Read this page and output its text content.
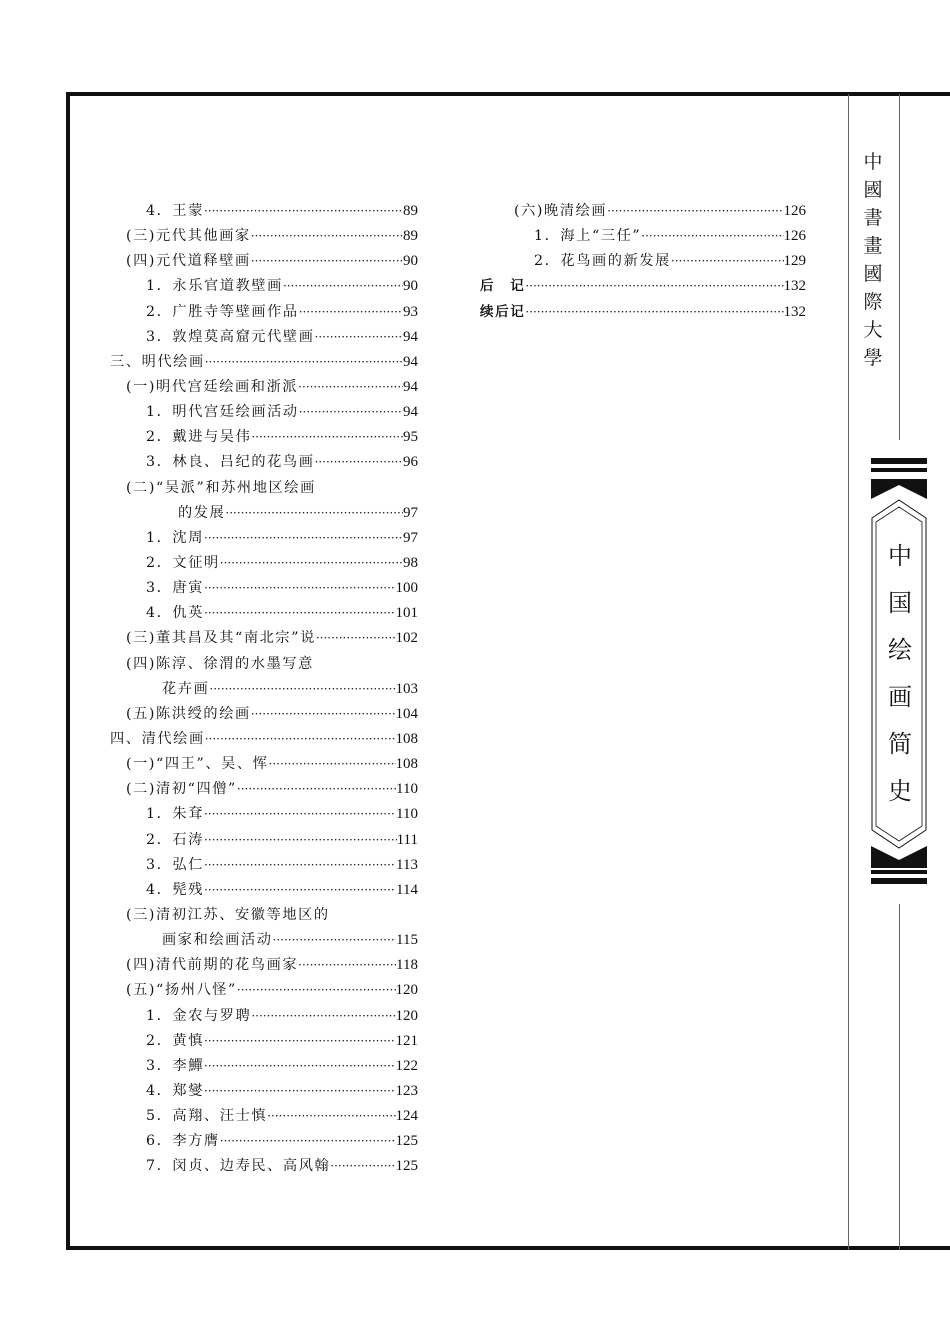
4．王蒙 ·····	89
(三)元代其他画家 ·····	89
(四)元代道释壁画 ·····	90
1．永乐官道教壁画 ·····	90
2．广胜寺等壁画作品 ·····	93
3．敦煌莫高窟元代壁画 ·····	94
三、明代绘画 ·····	94
(一)明代宫廷绘画和浙派 ·····	94
1．明代宫廷绘画活动 ·····	94
2．戴进与吴伟 ·····	95
3．林良、吕纪的花鸟画 ·····	96
(二)“吴派”和苏州地区绘画
的发展 ·····	97
1．沈周 ·····	97
2．文征明 ·····	98
3．唐寅 ·····	100
4．仇英 ·····	101
(三)董其昌及其“南北宗”说 ·····	102
(四)陈淳、徐渭的水墨写意
花卉画 ·····	103
(五)陈洪绶的绘画 ·····	104
四、清代绘画 ·····	108
(一)“四王”、吴、恽 ·····	108
(二)清初“四僧” ·····	110
1．朱耷 ·····	110
2．石涛 ·····	111
3．弘仁 ·····	113
4．髡残 ·····	114
(三)清初江苏、安徽等地区的
画家和绘画活动 ·····	115
(四)清代前期的花鸟画家 ·····	118
(五)“扬州八怪” ·····	120
1．金农与罗聘 ·····	120
2．黄慎 ·····	121
3．李鱓 ·····	122
4．郑燮 ·····	123
5．高翔、汪士慎 ·····	124
6．李方膺 ·····	125
7．闵贞、边寿民、高风翰 ·····	125
(六)晚清绘画 ·····	126
1．海上“三任” ·····	126
2．花鸟画的新发展 ·····	129
后　记 ·····	132
续后记 ·····	132
中
國
書
畫
國
際
大
學
中
国
绘
画
简
史
